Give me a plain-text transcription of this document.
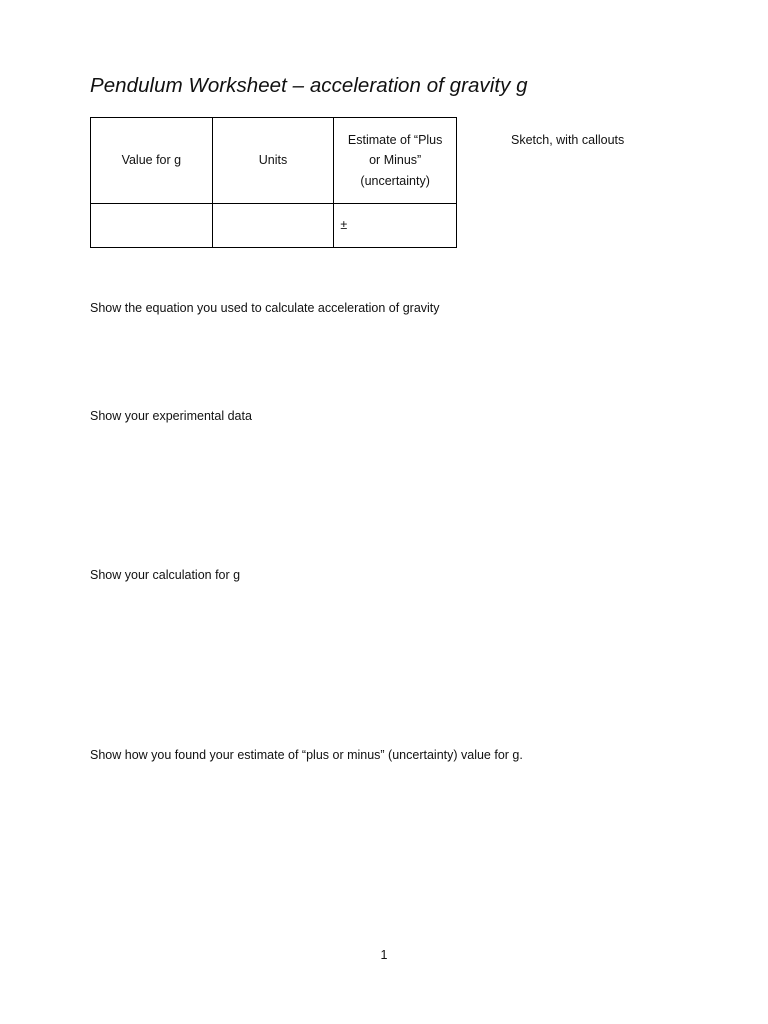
Pendulum Worksheet – acceleration of gravity g
Value for g	Units	Estimate of “Plus
or Minus”
(uncertainty)

		±
Sketch, with callouts
Show the equation you used to calculate acceleration of gravity
Show your experimental data
Show your calculation for g
Show how you found your estimate of “plus or minus” (uncertainty) value for g.
1
